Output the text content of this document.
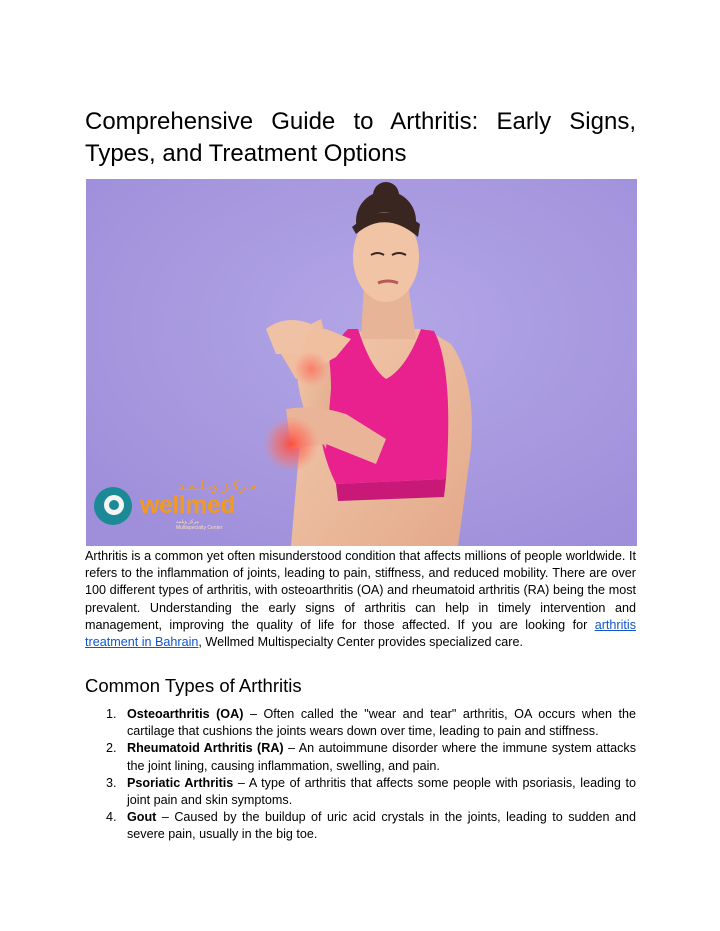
Comprehensive Guide to Arthritis: Early Signs,
Types, and Treatment Options
مـركـز ويـلـمـد
wellmed
مركز ويلمد
Multispecialty Center

Arthritis is a common yet often misunderstood condition that affects millions of people worldwide. It refers to the inflammation of joints, leading to pain, stiffness, and reduced mobility. There are over 100 different types of arthritis, with osteoarthritis (OA) and rheumatoid arthritis (RA) being the most prevalent. Understanding the early signs of arthritis can help in timely intervention and management, improving the quality of life for those affected. If you are looking for arthritis treatment in Bahrain, Wellmed Multispecialty Center provides specialized care.

Common Types of Arthritis
1. Osteoarthritis (OA) – Often called the "wear and tear" arthritis, OA occurs when the cartilage that cushions the joints wears down over time, leading to pain and stiffness.
2. Rheumatoid Arthritis (RA) – An autoimmune disorder where the immune system attacks the joint lining, causing inflammation, swelling, and pain.
3. Psoriatic Arthritis – A type of arthritis that affects some people with psoriasis, leading to joint pain and skin symptoms.
4. Gout – Caused by the buildup of uric acid crystals in the joints, leading to sudden and severe pain, usually in the big toe.
